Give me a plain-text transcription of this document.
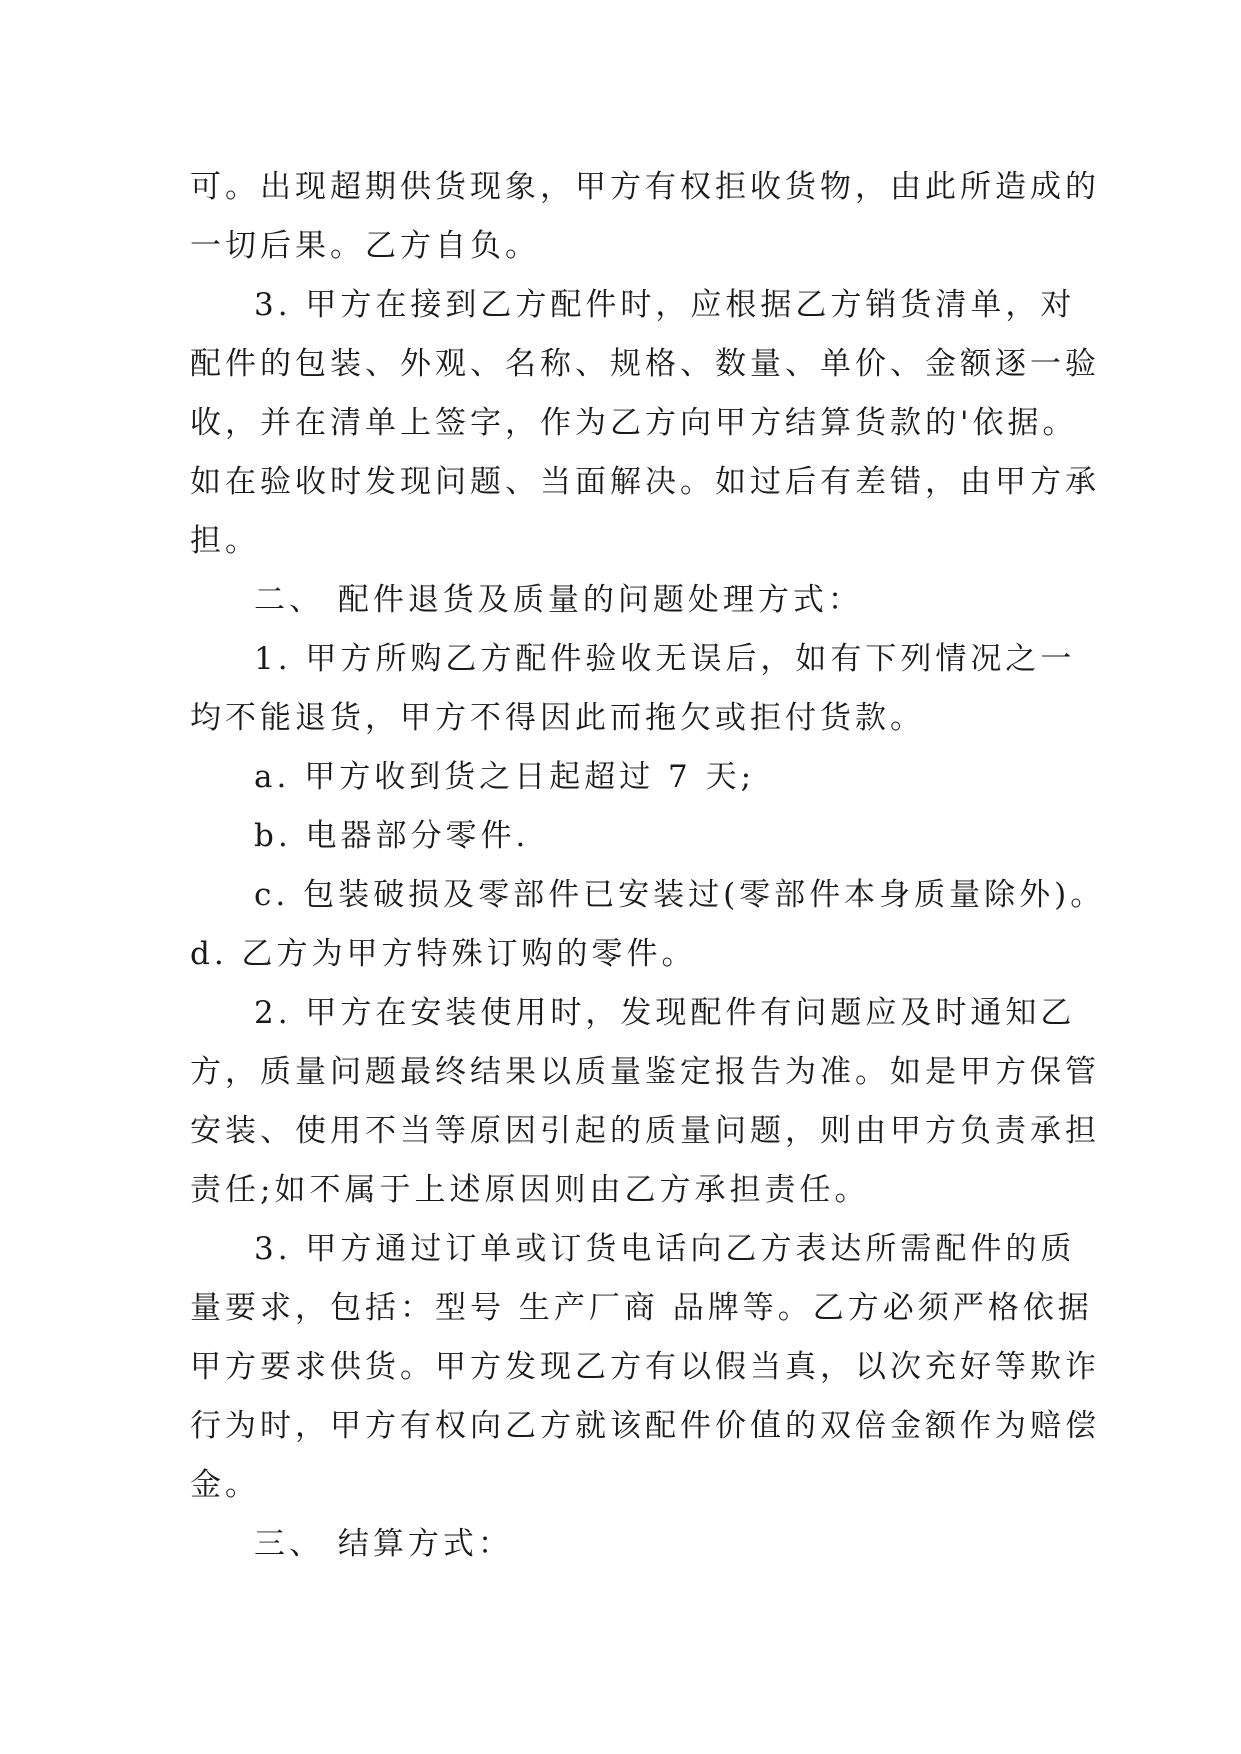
可。出现超期供货现象，甲方有权拒收货物，由此所造成的
一切后果。乙方自负。
3. 甲方在接到乙方配件时，应根据乙方销货清单，对
配件的包装、外观、名称、规格、数量、单价、金额逐一验
收，并在清单上签字，作为乙方向甲方结算货款的'依据。
如在验收时发现问题、当面解决。如过后有差错，由甲方承
担。
二、 配件退货及质量的问题处理方式：
1. 甲方所购乙方配件验收无误后，如有下列情况之一
均不能退货，甲方不得因此而拖欠或拒付货款。
a. 甲方收到货之日起超过 7 天;
b. 电器部分零件.
c. 包装破损及零部件已安装过(零部件本身质量除外)。
d. 乙方为甲方特殊订购的零件。
2. 甲方在安装使用时，发现配件有问题应及时通知乙
方，质量问题最终结果以质量鉴定报告为准。如是甲方保管
安装、使用不当等原因引起的质量问题，则由甲方负责承担
责任;如不属于上述原因则由乙方承担责任。
3. 甲方通过订单或订货电话向乙方表达所需配件的质
量要求，包括：型号 生产厂商 品牌等。乙方必须严格依据
甲方要求供货。甲方发现乙方有以假当真，以次充好等欺诈
行为时，甲方有权向乙方就该配件价值的双倍金额作为赔偿
金。
三、 结算方式：
